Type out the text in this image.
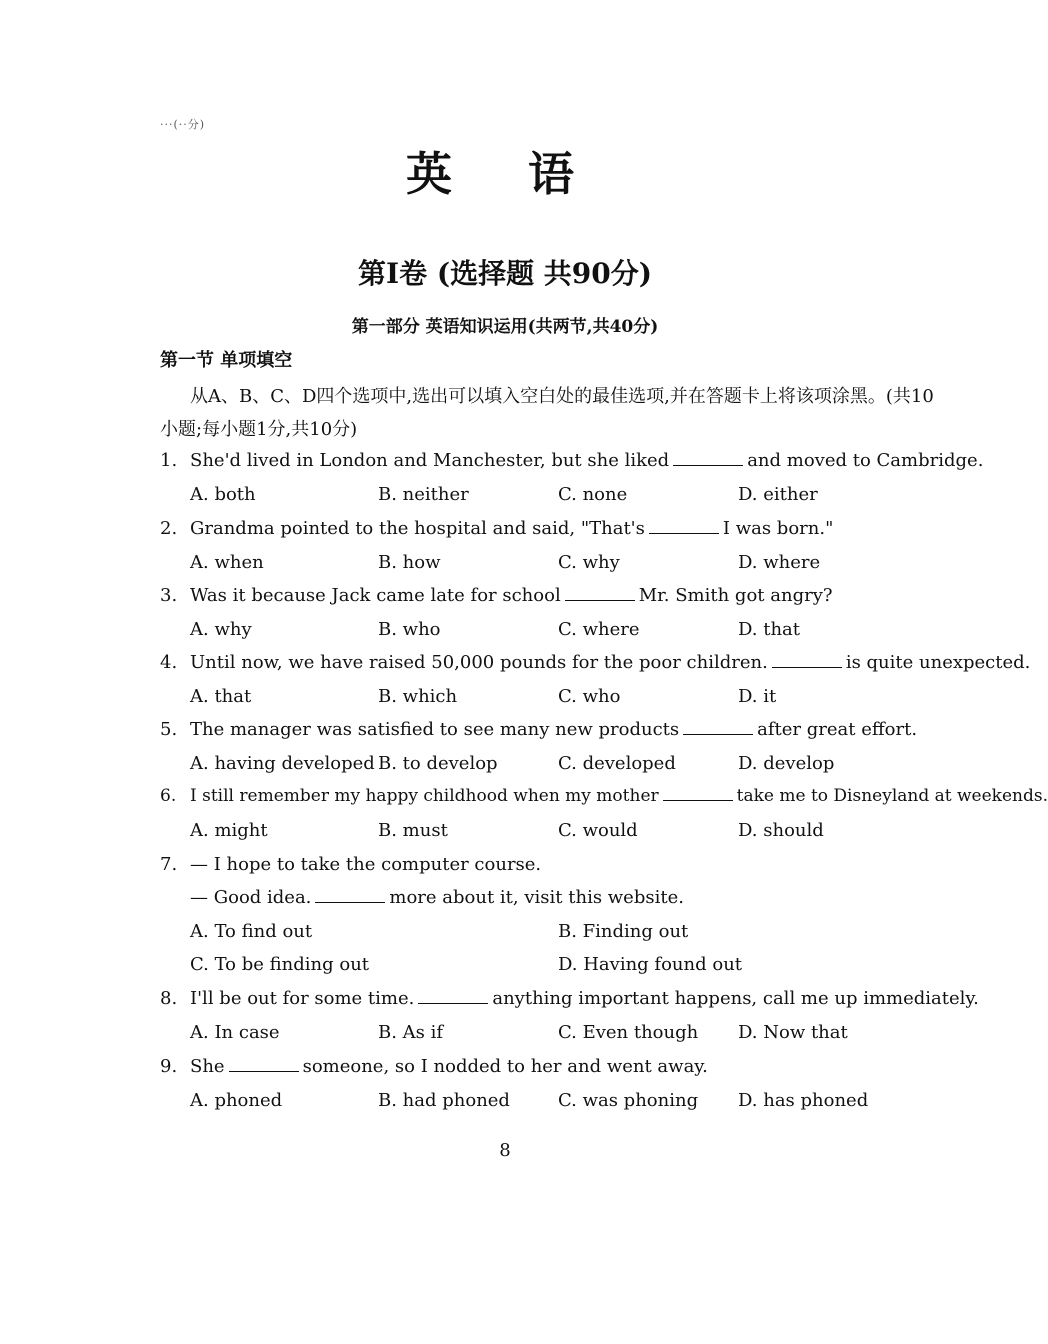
···(··分)
英 语
第Ⅰ卷 (选择题 共90分)
第一部分 英语知识运用(共两节,共40分)
第一节 单项填空
从A、B、C、D四个选项中,选出可以填入空白处的最佳选项,并在答题卡上将该项涂黑。(共10小题;每小题1分,共10分)
1. She'd lived in London and Manchester, but she liked	and moved to Cambridge.
A. both	B. neither	C. none	D. either
2. Grandma pointed to the hospital and said, "That's	I was born."
A. when	B. how	C. why	D. where
3. Was it because Jack came late for school	Mr. Smith got angry?
A. why	B. who	C. where	D. that
4. Until now, we have raised 50,000 pounds for the poor children.	is quite unexpected.
A. that	B. which	C. who	D. it
5. The manager was satisfied to see many new products	after great effort.
A. having developed B. to develop	C. developed	D. develop
6. I still remember my happy childhood when my mother	take me to Disneyland at weekends.
A. might	B. must	C. would	D. should
7. — I hope to take the computer course.
— Good idea.	more about it, visit this website.
A. To find out	B. Finding out
C. To be finding out	D. Having found out
8. I'll be out for some time.	anything important happens, call me up immediately.
A. In case	B. As if	C. Even though D. Now that
9. She	someone, so I nodded to her and went away.
A. phoned	B. had phoned	C. was phoning D. has phoned
8
